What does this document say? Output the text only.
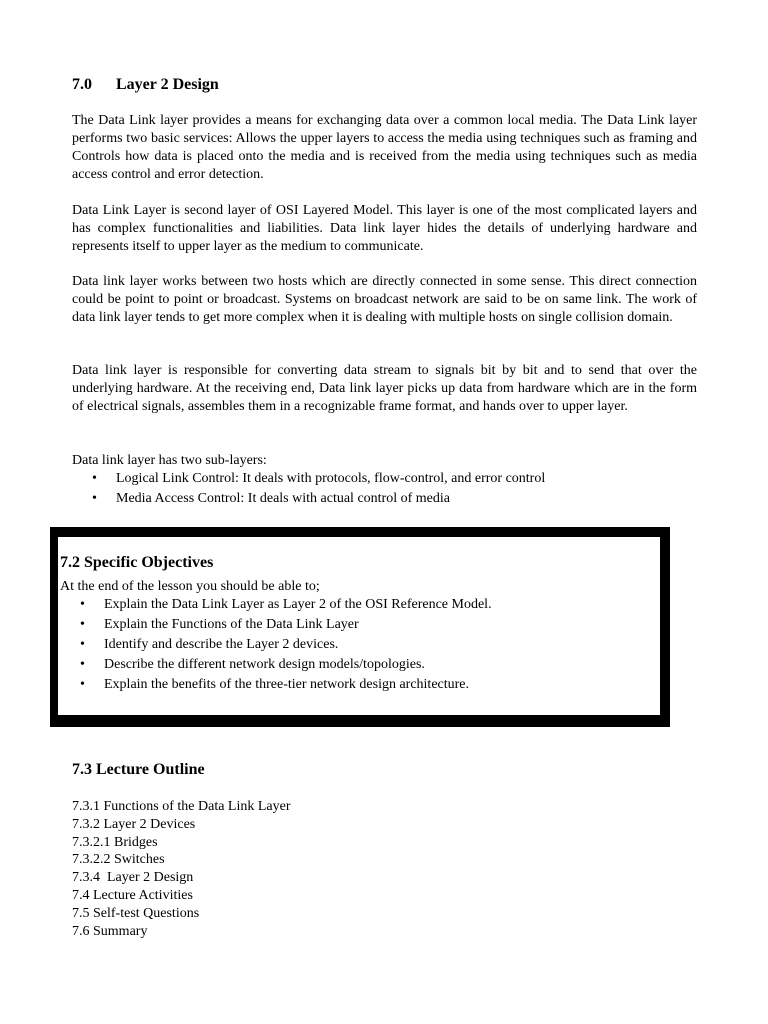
7.0 Layer 2 Design

The Data Link layer provides a means for exchanging data over a common local media. The Data Link layer performs two basic services: Allows the upper layers to access the media using techniques such as framing and Controls how data is placed onto the media and is received from the media using techniques such as media access control and error detection.

Data Link Layer is second layer of OSI Layered Model. This layer is one of the most complicated layers and has complex functionalities and liabilities. Data link layer hides the details of underlying hardware and represents itself to upper layer as the medium to communicate.

Data link layer works between two hosts which are directly connected in some sense. This direct connection could be point to point or broadcast. Systems on broadcast network are said to be on same link. The work of data link layer tends to get more complex when it is dealing with multiple hosts on single collision domain.

Data link layer is responsible for converting data stream to signals bit by bit and to send that over the underlying hardware. At the receiving end, Data link layer picks up data from hardware which are in the form of electrical signals, assembles them in a recognizable frame format, and hands over to upper layer.

Data link layer has two sub-layers:

• Logical Link Control: It deals with protocols, flow-control, and error control
• Media Access Control: It deals with actual control of media
7.2 Specific Objectives

At the end of the lesson you should be able to;

• Explain the Data Link Layer as Layer 2 of the OSI Reference Model.
• Explain the Functions of the Data Link Layer
• Identify and describe the Layer 2 devices.
• Describe the different network design models/topologies.
• Explain the benefits of the three-tier network design architecture.
7.3 Lecture Outline
7.3.1 Functions of the Data Link Layer
7.3.2 Layer 2 Devices
7.3.2.1 Bridges
7.3.2.2 Switches
7.3.4  Layer 2 Design
7.4 Lecture Activities
7.5 Self-test Questions
7.6 Summary
